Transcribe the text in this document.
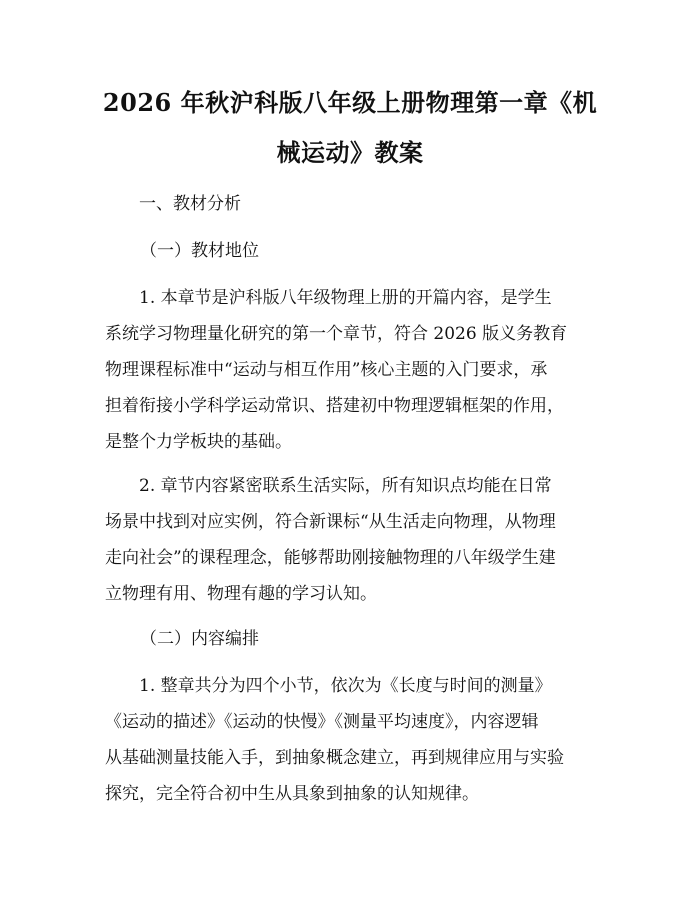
2026 年秋沪科版八年级上册物理第一章《机
械运动》教案

一、教材分析

（一）教材地位

1. 本章节是沪科版八年级物理上册的开篇内容，是学生
系统学习物理量化研究的第一个章节，符合 2026 版义务教育
物理课程标准中“运动与相互作用”核心主题的入门要求，承
担着衔接小学科学运动常识、搭建初中物理逻辑框架的作用，
是整个力学板块的基础。
2. 章节内容紧密联系生活实际，所有知识点均能在日常
场景中找到对应实例，符合新课标“从生活走向物理，从物理
走向社会”的课程理念，能够帮助刚接触物理的八年级学生建
立物理有用、物理有趣的学习认知。

（二）内容编排

1. 整章共分为四个小节，依次为《长度与时间的测量》
《运动的描述》《运动的快慢》《测量平均速度》，内容逻辑
从基础测量技能入手，到抽象概念建立，再到规律应用与实验
探究，完全符合初中生从具象到抽象的认知规律。
